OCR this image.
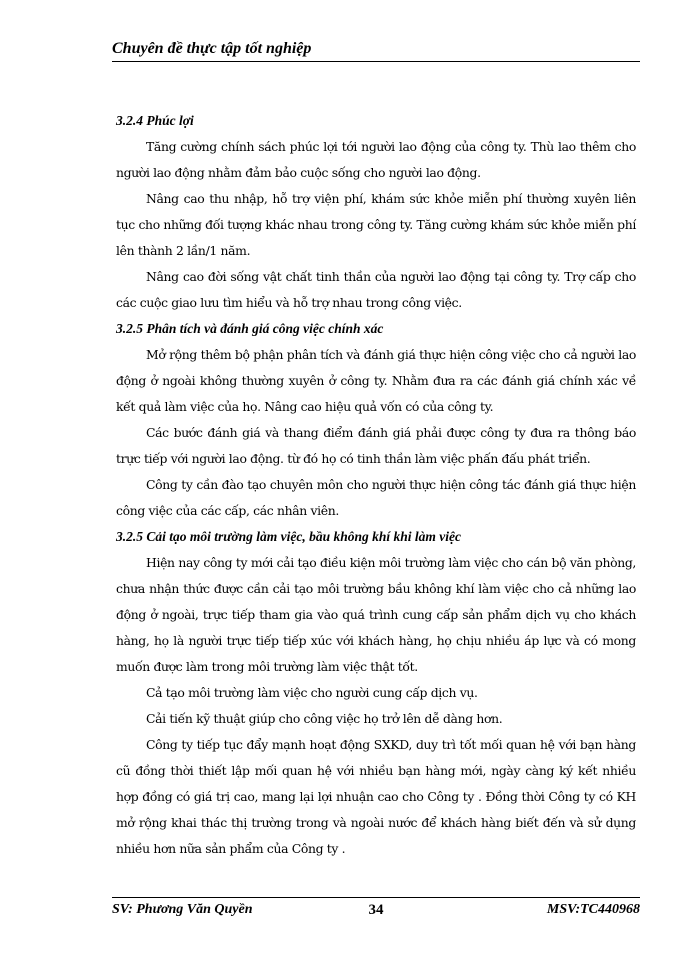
Chuyên đề thực tập tốt nghiệp
3.2.4 Phúc lợi

Tăng cường chính sách phúc lợi tới người lao động của công ty. Thù lao thêm cho người lao động nhằm đảm bảo cuộc sống cho người lao động.

Nâng cao thu nhập, hỗ trợ viện phí, khám sức khỏe miễn phí thường xuyên liên tục cho những đối tượng khác nhau trong công ty. Tăng cường khám sức khỏe miễn phí lên thành 2 lần/1 năm.

Nâng cao đời sống vật chất tinh thần của người lao động tại công ty. Trợ cấp cho các cuộc giao lưu tìm hiểu và hỗ trợ nhau trong công việc.

3.2.5 Phân tích và đánh giá công việc chính xác

Mở rộng thêm bộ phận phân tích và đánh giá thực hiện công việc cho cả người lao động ở ngoài không thường xuyên ở công ty. Nhằm đưa ra các đánh giá chính xác về kết quả làm việc của họ. Nâng cao hiệu quả vốn có của công ty.

Các bước đánh giá và thang điểm đánh giá phải được công ty đưa ra thông báo trực tiếp với người lao động. từ đó họ có tinh thần làm việc phấn đấu phát triển.

Công ty cần đào tạo chuyên môn cho người thực hiện công tác đánh giá thực hiện công việc của các cấp, các nhân viên.

3.2.5 Cải tạo môi trường làm việc, bầu không khí khi làm việc

Hiện nay công ty mới cải tạo điều kiện môi trường làm việc cho cán bộ văn phòng, chưa nhận thức được cần cải tạo môi trường bầu không khí làm việc cho cả những lao động ở ngoài, trực tiếp tham gia vào quá trình cung cấp sản phẩm dịch vụ cho khách hàng, họ là người trực tiếp tiếp xúc với khách hàng, họ chịu nhiều áp lực và có mong muốn được làm trong môi trường làm việc thật tốt.

Cả tạo môi trường làm việc cho người cung cấp dịch vụ.

Cải tiến kỹ thuật giúp cho công việc họ trở lên dễ dàng hơn.

Công ty tiếp tục đẩy mạnh hoạt động SXKD, duy trì tốt mối quan hệ với bạn hàng cũ đồng thời thiết lập mối quan hệ với nhiều bạn hàng mới, ngày càng ký kết nhiều hợp đồng có giá trị cao, mang lại lợi nhuận cao cho Công ty . Đồng thời Công ty có KH mở rộng khai thác thị trường trong và ngoài nước để khách hàng biết đến và sử dụng nhiều hơn nữa sản phẩm của Công ty .

SV: Phương Văn Quyền	34	MSV:TC440968
